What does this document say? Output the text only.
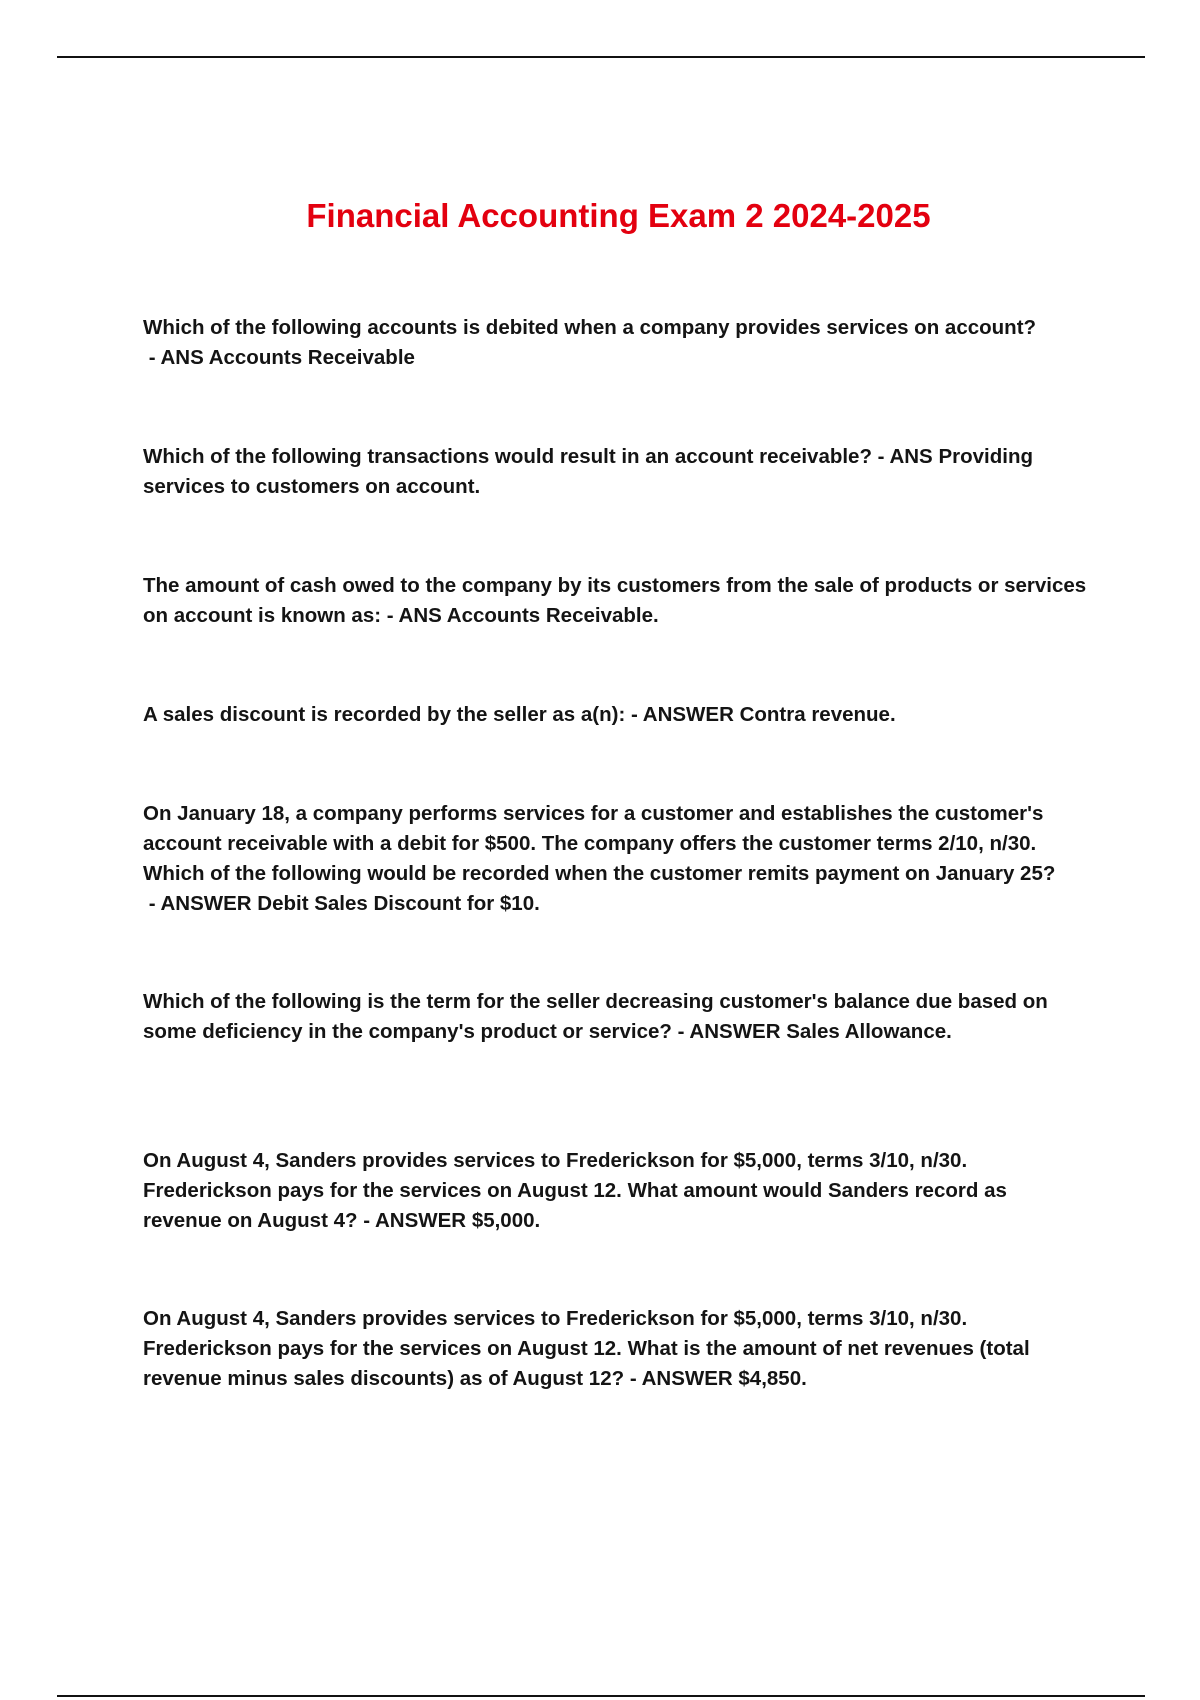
Financial Accounting Exam 2 2024-2025

Which of the following accounts is debited when a company provides services on account? - ANS Accounts Receivable

Which of the following transactions would result in an account receivable? - ANS Providing services to customers on account.

The amount of cash owed to the company by its customers from the sale of products or services on account is known as: - ANS Accounts Receivable.

A sales discount is recorded by the seller as a(n): - ANSWER Contra revenue.

On January 18, a company performs services for a customer and establishes the customer's account receivable with a debit for $500. The company offers the customer terms 2/10, n/30. Which of the following would be recorded when the customer remits payment on January 25? - ANSWER Debit Sales Discount for $10.

Which of the following is the term for the seller decreasing customer's balance due based on some deficiency in the company's product or service? - ANSWER Sales Allowance.

On August 4, Sanders provides services to Frederickson for $5,000, terms 3/10, n/30. Frederickson pays for the services on August 12. What amount would Sanders record as revenue on August 4? - ANSWER $5,000.

On August 4, Sanders provides services to Frederickson for $5,000, terms 3/10, n/30. Frederickson pays for the services on August 12. What is the amount of net revenues (total revenue minus sales discounts) as of August 12? - ANSWER $4,850.
